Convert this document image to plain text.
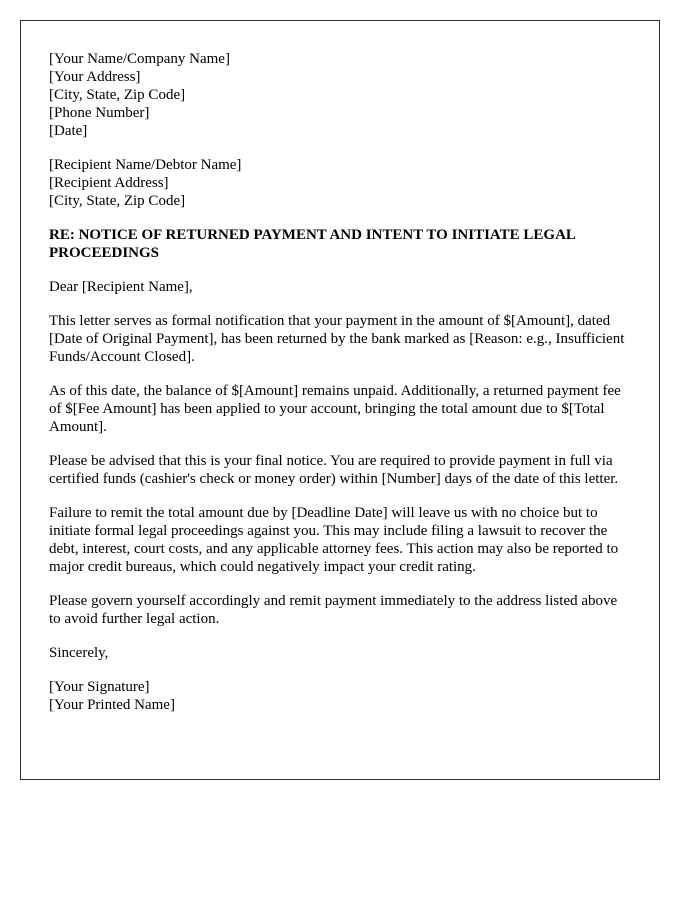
[Your Name/Company Name]
[Your Address]
[City, State, Zip Code]
[Phone Number]
[Date]
[Recipient Name/Debtor Name]
[Recipient Address]
[City, State, Zip Code]
RE: NOTICE OF RETURNED PAYMENT AND INTENT TO INITIATE LEGAL PROCEEDINGS

Dear [Recipient Name],

This letter serves as formal notification that your payment in the amount of $[Amount], dated [Date of Original Payment], has been returned by the bank marked as [Reason: e.g., Insufficient Funds/Account Closed].

As of this date, the balance of $[Amount] remains unpaid. Additionally, a returned payment fee of $[Fee Amount] has been applied to your account, bringing the total amount due to $[Total Amount].

Please be advised that this is your final notice. You are required to provide payment in full via certified funds (cashier's check or money order) within [Number] days of the date of this letter.

Failure to remit the total amount due by [Deadline Date] will leave us with no choice but to initiate formal legal proceedings against you. This may include filing a lawsuit to recover the debt, interest, court costs, and any applicable attorney fees. This action may also be reported to major credit bureaus, which could negatively impact your credit rating.

Please govern yourself accordingly and remit payment immediately to the address listed above to avoid further legal action.

Sincerely,

[Your Signature]
[Your Printed Name]
